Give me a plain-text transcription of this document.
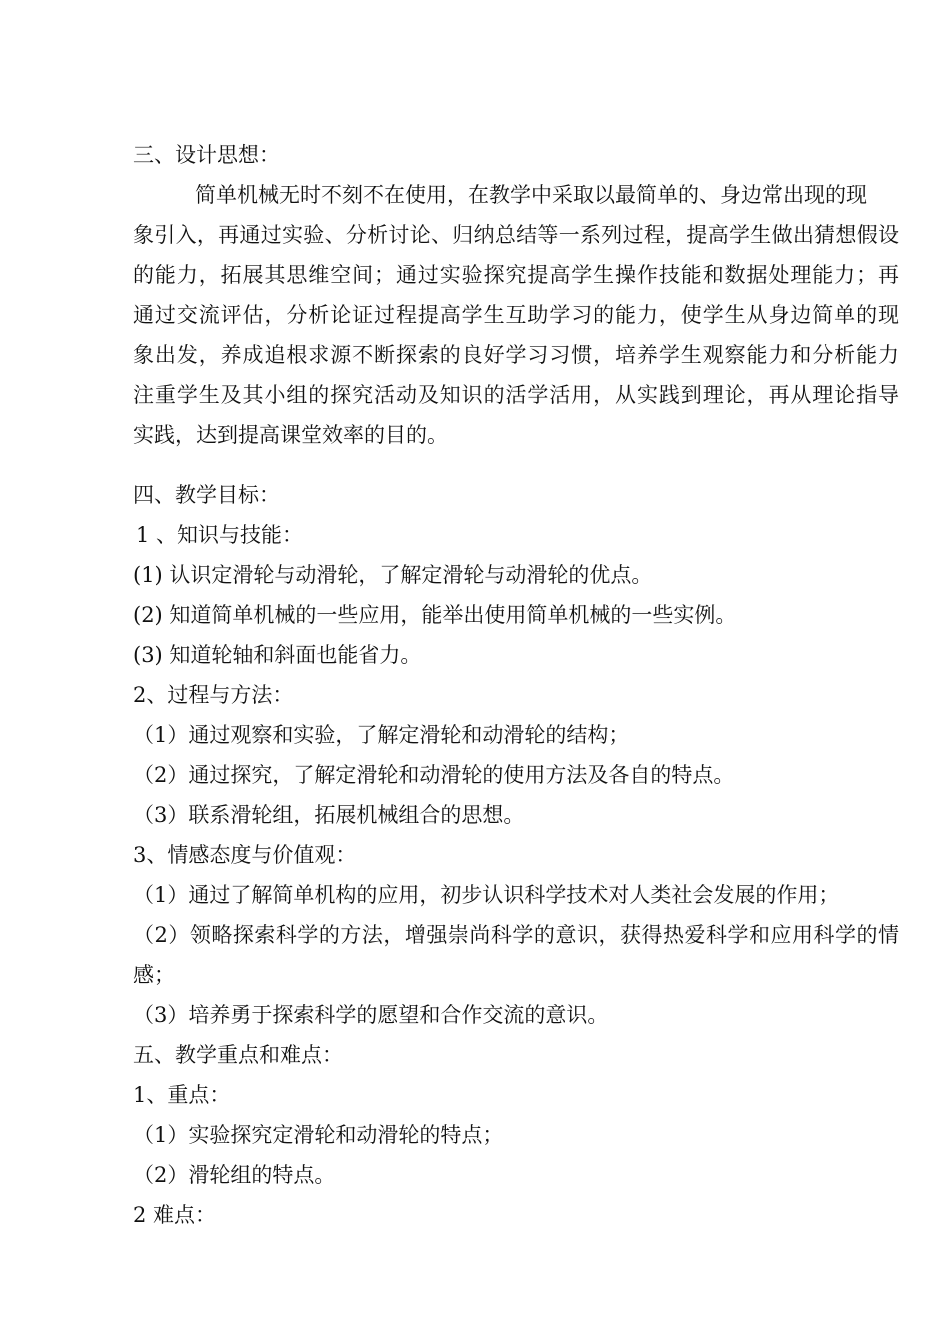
三、设计思想：
简单机械无时不刻不在使用，在教学中采取以最简单的、身边常出现的现
象引入，再通过实验、分析讨论、归纳总结等一系列过程，提高学生做出猜想假设
的能力，拓展其思维空间；通过实验探究提高学生操作技能和数据处理能力；再
通过交流评估，分析论证过程提高学生互助学习的能力，使学生从身边简单的现
象出发，养成追根求源不断探索的良好学习习惯，培养学生观察能力和分析能力
注重学生及其小组的探究活动及知识的活学活用，从实践到理论，再从理论指导
实践，达到提高课堂效率的目的。
四、教学目标：
1 、知识与技能：
(1) 认识定滑轮与动滑轮，了解定滑轮与动滑轮的优点。
(2) 知道简单机械的一些应用，能举出使用简单机械的一些实例。
(3) 知道轮轴和斜面也能省力。
2、过程与方法：
（1）通过观察和实验，了解定滑轮和动滑轮的结构；
（2）通过探究，了解定滑轮和动滑轮的使用方法及各自的特点。
（3）联系滑轮组，拓展机械组合的思想。
3、情感态度与价值观：
（1）通过了解简单机构的应用，初步认识科学技术对人类社会发展的作用；
（2）领略探索科学的方法，增强崇尚科学的意识，获得热爱科学和应用科学的情
感；
（3）培养勇于探索科学的愿望和合作交流的意识。
五、教学重点和难点：
1、重点：
（1）实验探究定滑轮和动滑轮的特点；
（2）滑轮组的特点。
2 难点：
